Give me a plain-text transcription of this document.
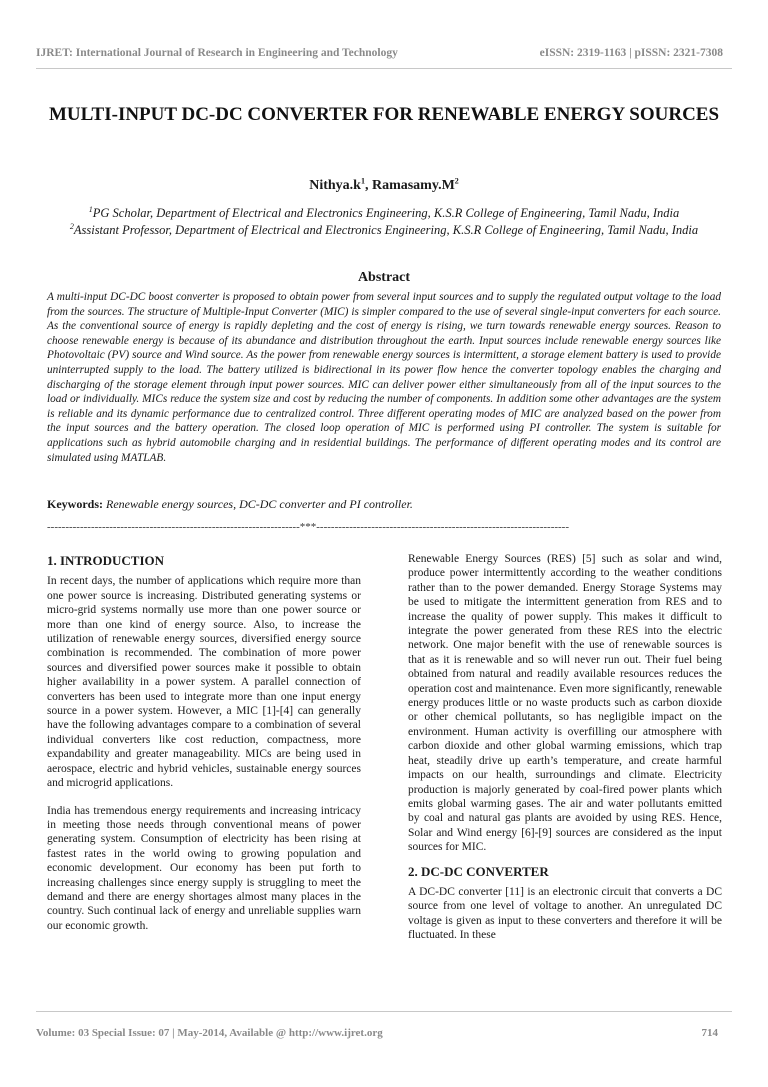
IJRET: International Journal of Research in Engineering and Technology	eISSN: 2319-1163 | pISSN: 2321-7308
MULTI-INPUT DC-DC CONVERTER FOR RENEWABLE ENERGY SOURCES
$Nithya.k^1$, $Ramasamy.M^2$

$^1$PG Scholar, Department of Electrical and Electronics Engineering, K.S.R College of Engineering, Tamil Nadu, India

$^2$Assistant Professor, Department of Electrical and Electronics Engineering, K.S.R College of Engineering, Tamil Nadu, India

Abstract

A multi-input DC-DC boost converter is proposed to obtain power from several input sources and to supply the regulated output voltage to the load from the sources. The structure of Multiple-Input Converter (MIC) is simpler compared to the use of several single-input converters for each source. As the conventional source of energy is rapidly depleting and the cost of energy is rising, we turn towards renewable energy sources. Reason to choose renewable energy is because of its abundance and distribution throughout the earth. Input sources include renewable energy sources like Photovoltaic (PV) source and Wind source. As the power from renewable energy sources is intermittent, a storage element battery is used to provide uninterrupted supply to the load. The battery utilized is bidirectional in its power flow hence the converter topology enables the charging and discharging of the storage element through input power sources. MIC can deliver power either simultaneously from all of the input sources to the load or individually. MICs reduce the system size and cost by reducing the number of components. In addition some other advantages are the system is reliable and its dynamic performance due to centralized control. Three different operating modes of MIC are analyzed based on the power from the input sources and the battery operation. The closed loop operation of MIC is performed using PI controller. The system is suitable for applications such as hybrid automobile charging and in residential buildings. The performance of different operating modes and its control are simulated using MATLAB.

Keywords: Renewable energy sources, DC-DC converter and PI controller.

---------------------------------------------------------------------***---------------------------------------------------------------------
1. INTRODUCTION

In recent days, the number of applications which require more than one power source is increasing. Distributed generating systems or micro-grid systems normally use more than one power source or more than one kind of energy source. Also, to increase the utilization of renewable energy sources, diversified energy source combination is recommended. The combination of more power sources and diversified power sources make it possible to obtain higher availability in a power system. A parallel connection of converters has been used to integrate more than one input energy source in a power system. However, a MIC [1]-[4] can generally have the following advantages compare to a combination of several individual converters like cost reduction, compactness, more expandability and greater manageability. MICs are being used in aerospace, electric and hybrid vehicles, sustainable energy sources and microgrid applications.

India has tremendous energy requirements and increasing intricacy in meeting those needs through conventional means of power generating system. Consumption of electricity has been rising at fastest rates in the world owing to growing population and economic development. Our economy has been put forth to increasing challenges since energy supply is struggling to meet the demand and there are energy shortages almost many places in the country. Such continual lack of energy and unreliable supplies warn our economic growth.

Renewable Energy Sources (RES) [5] such as solar and wind, produce power intermittently according to the weather conditions rather than to the power demanded. Energy Storage Systems may be used to mitigate the intermittent generation from RES and to increase the quality of power supply. This makes it difficult to integrate the power generated from these RES into the electric network. One major benefit with the use of renewable sources is that as it is renewable and so will never run out. Their fuel being obtained from natural and readily available resources reduces the operation cost and maintenance. Even more significantly, renewable energy produces little or no waste products such as carbon dioxide or other chemical pollutants, so has negligible impact on the environment. Human activity is overfilling our atmosphere with carbon dioxide and other global warming emissions, which trap heat, steadily drive up earth’s temperature, and create harmful impacts on our health, surroundings and climate. Electricity production is majorly generated by coal-fired power plants which emits global warming gases. The air and water pollutants emitted by coal and natural gas plants are avoided by using RES. Hence, Solar and Wind energy [6]-[9] sources are considered as the input sources for MIC.

2. DC-DC CONVERTER

A DC-DC converter [11] is an electronic circuit that converts a DC source from one level of voltage to another. An unregulated DC voltage is given as input to these converters and therefore it will be fluctuated. In these

Volume: 03 Special Issue: 07 | May-2014, Available @ http://www.ijret.org	714
